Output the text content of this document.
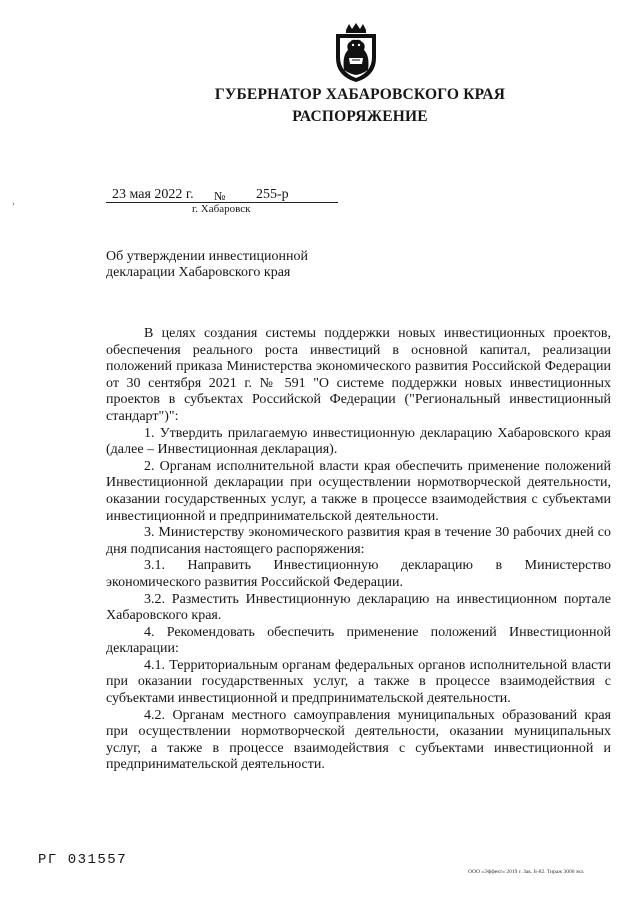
ГУБЕРНАТОР ХАБАРОВСКОГО КРАЯ
РАСПОРЯЖЕНИЕ
›
23 мая 2022 г. № 255-р
г. Хабаровск
Об утверждении инвестиционной декларации Хабаровского края

В целях создания системы поддержки новых инвестиционных проектов, обеспечения реального роста инвестиций в основной капитал, реализации положений приказа Министерства экономического развития Российской Федерации от 30 сентября 2021 г. № 591 "О системе поддержки новых инвестиционных проектов в субъектах Российской Федерации ("Региональный инвестиционный стандарт")":

1. Утвердить прилагаемую инвестиционную декларацию Хабаровского края (далее – Инвестиционная декларация).

2. Органам исполнительной власти края обеспечить применение положений Инвестиционной декларации при осуществлении нормотворческой деятельности, оказании государственных услуг, а также в процессе взаимодействия с субъектами инвестиционной и предпринимательской деятельности.

3. Министерству экономического развития края в течение 30 рабочих дней со дня подписания настоящего распоряжения:

3.1. Направить Инвестиционную декларацию в Министерство экономического развития Российской Федерации.

3.2. Разместить Инвестиционную декларацию на инвестиционном портале Хабаровского края.

4. Рекомендовать обеспечить применение положений Инвестиционной декларации:

4.1. Территориальным органам федеральных органов исполнительной власти при оказании государственных услуг, а также в процессе взаимодействия с субъектами инвестиционной и предпринимательской деятельности.

4.2. Органам местного самоуправления муниципальных образований края при осуществлении нормотворческой деятельности, оказании муниципальных услуг, а также в процессе взаимодействия с субъектами инвестиционной и предпринимательской деятельности.

РГ 031557
ООО «Эффект» 2019 г. Зак. Б-82. Тираж 3000 экз.
